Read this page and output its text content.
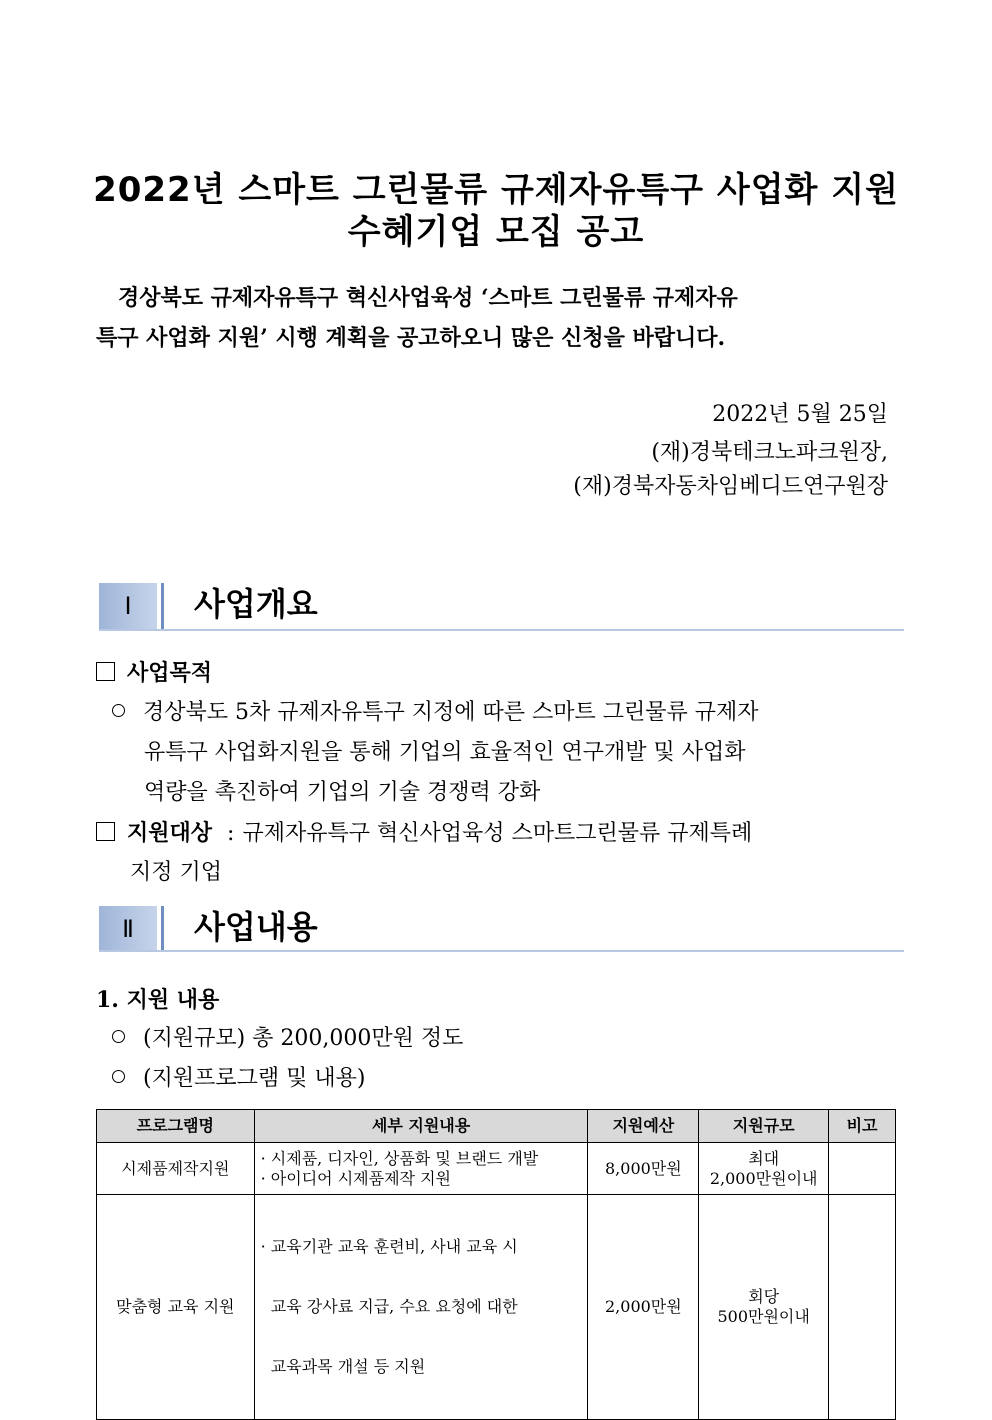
2022년 스마트 그린물류 규제자유특구 사업화 지원
수혜기업 모집 공고
경상북도 규제자유특구 혁신사업육성 ‘스마트 그린물류 규제자유
특구 사업화 지원’ 시행 계획을 공고하오니 많은 신청을 바랍니다.
2022년 5월 25일
(재)경북테크노파크원장,
(재)경북자동차임베디드연구원장
Ⅰ	사업개요
사업목적
경상북도 5차 규제자유특구 지정에 따른 스마트 그린물류 규제자
유특구 사업화지원을 통해 기업의 효율적인 연구개발 및 사업화
역량을 촉진하여 기업의 기술 경쟁력 강화
지원대상 : 규제자유특구 혁신사업육성 스마트그린물류 규제특례
지정 기업
Ⅱ	사업내용
1. 지원 내용
(지원규모) 총 200,000만원 정도
(지원프로그램 및 내용)
프로그램명	세부 지원내용	지원예산	지원규모	비고
시제품제작지원	· 시제품, 디자인, 상품화 및 브랜드 개발
· 아이디어 시제품제작 지원	8,000만원	최대
2,000만원이내	

맞춤형 교육 지원	· 교육기관 교육 훈련비, 사내 교육 시

교육 강사료 지급, 수요 요청에 대한

교육과목 개설 등 지원	2,000만원	회당
500만원이내	
